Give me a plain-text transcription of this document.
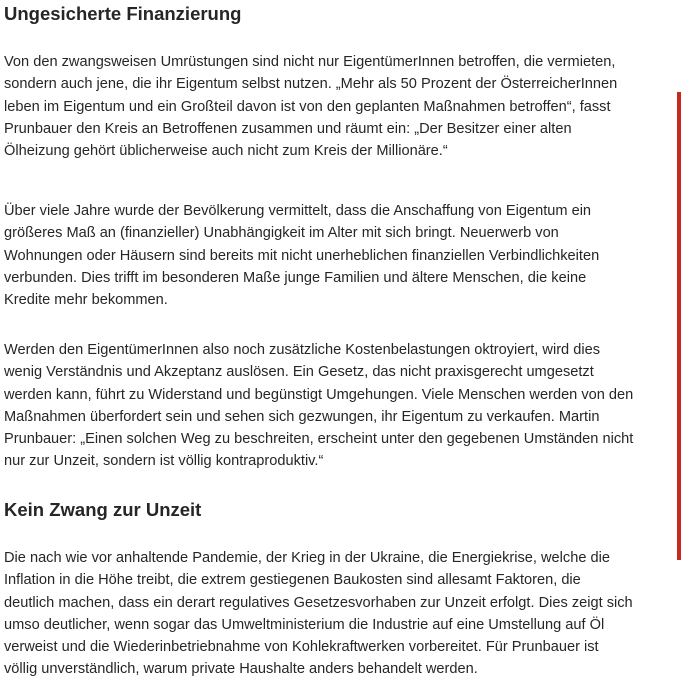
Ungesicherte Finanzierung

Von den zwangsweisen Umrüstungen sind nicht nur EigentümerInnen betroffen, die vermieten, sondern auch jene, die ihr Eigentum selbst nutzen. „Mehr als 50 Prozent der ÖsterreicherInnen leben im Eigentum und ein Großteil davon ist von den geplanten Maßnahmen betroffen“, fasst Prunbauer den Kreis an Betroffenen zusammen und räumt ein: „Der Besitzer einer alten Ölheizung gehört üblicherweise auch nicht zum Kreis der Millionäre.“

Über viele Jahre wurde der Bevölkerung vermittelt, dass die Anschaffung von Eigentum ein größeres Maß an (finanzieller) Unabhängigkeit im Alter mit sich bringt. Neuerwerb von Wohnungen oder Häusern sind bereits mit nicht unerheblichen finanziellen Verbindlichkeiten verbunden. Dies trifft im besonderen Maße junge Familien und ältere Menschen, die keine Kredite mehr bekommen.

Werden den EigentümerInnen also noch zusätzliche Kostenbelastungen oktroyiert, wird dies wenig Verständnis und Akzeptanz auslösen. Ein Gesetz, das nicht praxisgerecht umgesetzt werden kann, führt zu Widerstand und begünstigt Umgehungen. Viele Menschen werden von den Maßnahmen überfordert sein und sehen sich gezwungen, ihr Eigentum zu verkaufen. Martin Prunbauer: „Einen solchen Weg zu beschreiten, erscheint unter den gegebenen Umständen nicht nur zur Unzeit, sondern ist völlig kontraproduktiv.“

Kein Zwang zur Unzeit

Die nach wie vor anhaltende Pandemie, der Krieg in der Ukraine, die Energiekrise, welche die Inflation in die Höhe treibt, die extrem gestiegenen Baukosten sind allesamt Faktoren, die deutlich machen, dass ein derart regulatives Gesetzesvorhaben zur Unzeit erfolgt. Dies zeigt sich umso deutlicher, wenn sogar das Umweltministerium die Industrie auf eine Umstellung auf Öl verweist und die Wiederinbetriebnahme von Kohlekraftwerken vorbereitet. Für Prunbauer ist völlig unverständlich, warum private Haushalte anders behandelt werden.
